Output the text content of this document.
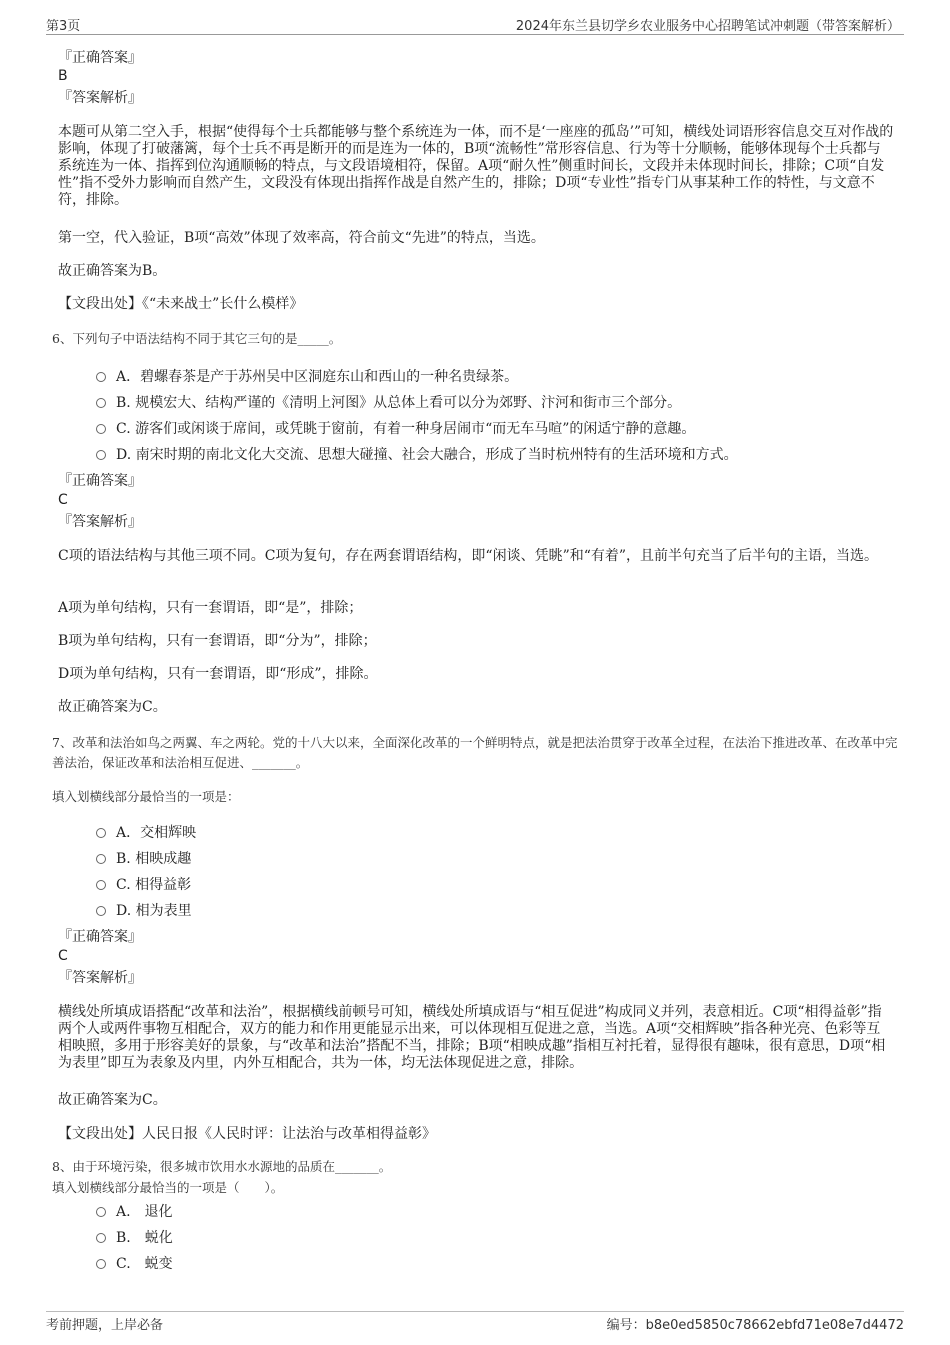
第3页	2024年东兰县切学乡农业服务中心招聘笔试冲刺题（带答案解析）
『正确答案』
B
『答案解析』
本题可从第二空入手，根据“使得每个士兵都能够与整个系统连为一体，而不是‘一座座的孤岛’”可知，横线处词语形容信息交互对作战的影响，体现了打破藩篱，每个士兵不再是断开的而是连为一体的，B项“流畅性”常形容信息、行为等十分顺畅，能够体现每个士兵都与系统连为一体、指挥到位沟通顺畅的特点，与文段语境相符，保留。A项“耐久性”侧重时间长，文段并未体现时间长，排除；C项“自发性”指不受外力影响而自然产生，文段没有体现出指挥作战是自然产生的，排除；D项“专业性”指专门从事某种工作的特性，与文意不符，排除。
第一空，代入验证，B项“高效”体现了效率高，符合前文“先进”的特点，当选。
故正确答案为B。
【文段出处】《“未来战士”长什么模样》
6、下列句子中语法结构不同于其它三句的是_____。
A．碧螺春茶是产于苏州吴中区洞庭东山和西山的一种名贵绿茶。
B. 规模宏大、结构严谨的《清明上河图》从总体上看可以分为郊野、汴河和街市三个部分。
C. 游客们或闲谈于席间，或凭眺于窗前，有着一种身居闹市“而无车马喧”的闲适宁静的意趣。
D. 南宋时期的南北文化大交流、思想大碰撞、社会大融合，形成了当时杭州特有的生活环境和方式。
『正确答案』
C
『答案解析』
C项的语法结构与其他三项不同。C项为复句，存在两套谓语结构，即“闲谈、凭眺”和“有着”，且前半句充当了后半句的主语，当选。
A项为单句结构，只有一套谓语，即“是”，排除；
B项为单句结构，只有一套谓语，即“分为”，排除；
D项为单句结构，只有一套谓语，即“形成”，排除。
故正确答案为C。
7、改革和法治如鸟之两翼、车之两轮。党的十八大以来，全面深化改革的一个鲜明特点，就是把法治贯穿于改革全过程，在法治下推进改革、在改革中完善法治，保证改革和法治相互促进、_______。
填入划横线部分最恰当的一项是：
A．交相辉映
B. 相映成趣
C. 相得益彰
D. 相为表里
『正确答案』
C
『答案解析』
横线处所填成语搭配“改革和法治”，根据横线前顿号可知，横线处所填成语与“相互促进”构成同义并列，表意相近。C项“相得益彰”指两个人或两件事物互相配合，双方的能力和作用更能显示出来，可以体现相互促进之意，当选。A项“交相辉映”指各种光亮、色彩等互相映照，多用于形容美好的景象，与“改革和法治”搭配不当，排除；B项“相映成趣”指相互衬托着，显得很有趣味，很有意思，D项“相为表里”即互为表象及内里，内外互相配合，共为一体，均无法体现促进之意，排除。
故正确答案为C。
【文段出处】人民日报《人民时评：让法治与改革相得益彰》
8、由于环境污染，很多城市饮用水水源地的品质在_______。
填入划横线部分最恰当的一项是（　　）。
A.　退化
B.　蜕化
C.　蜕变
考前押题，上岸必备	编号：b8e0ed5850c78662ebfd71e08e7d4472
